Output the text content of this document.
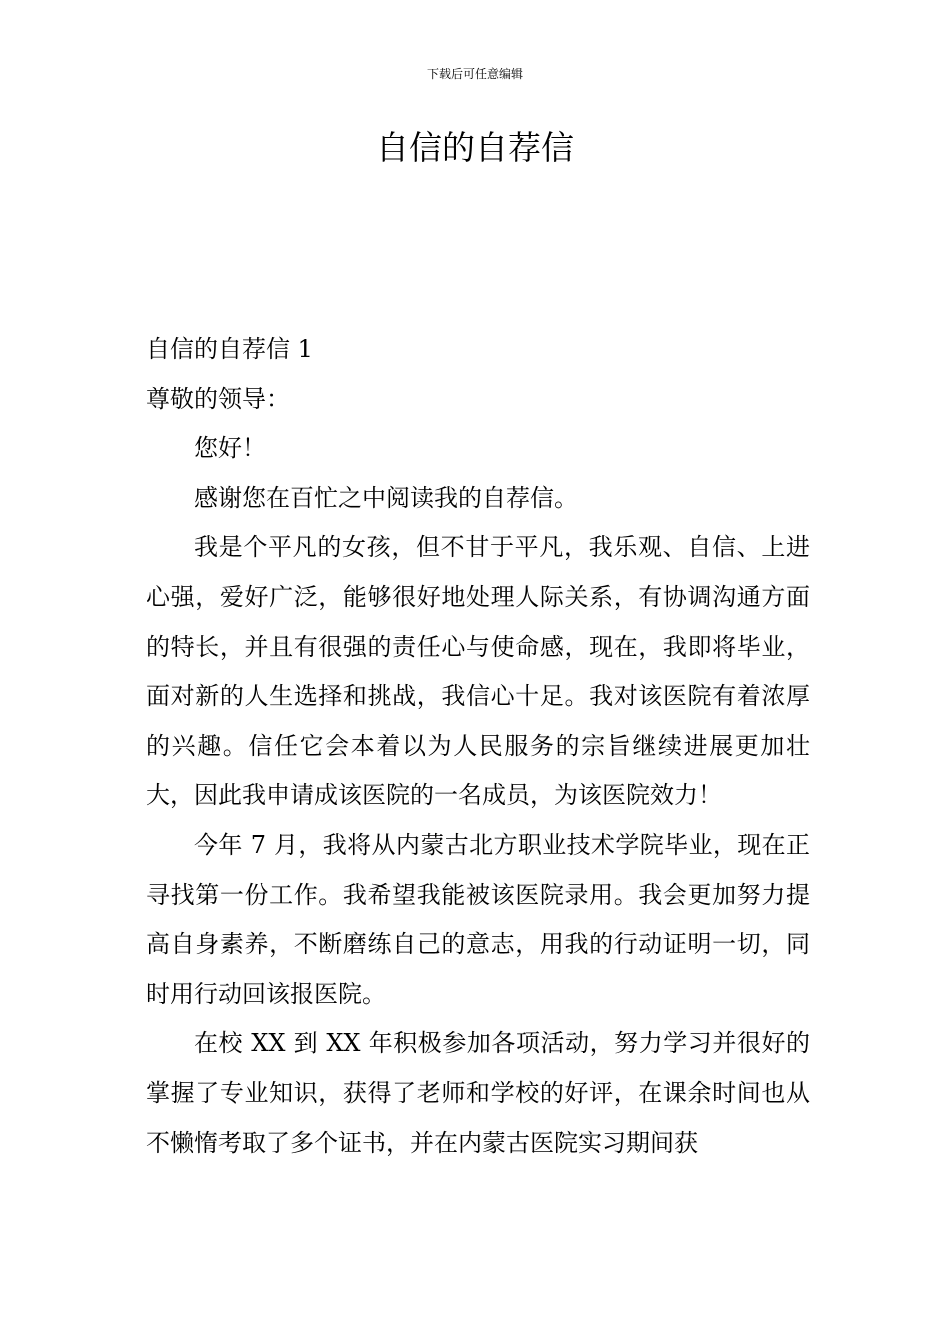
下载后可任意编辑
自信的自荐信

自信的自荐信 1

尊敬的领导：

您好！

感谢您在百忙之中阅读我的自荐信。

我是个平凡的女孩，但不甘于平凡，我乐观、自信、上进心强，爱好广泛，能够很好地处理人际关系，有协调沟通方面的特长，并且有很强的责任心与使命感，现在，我即将毕业，面对新的人生选择和挑战，我信心十足。我对该医院有着浓厚的兴趣。信任它会本着以为人民服务的宗旨继续进展更加壮大，因此我申请成该医院的一名成员，为该医院效力！

今年 7 月，我将从内蒙古北方职业技术学院毕业，现在正寻找第一份工作。我希望我能被该医院录用。我会更加努力提高自身素养，不断磨练自己的意志，用我的行动证明一切，同时用行动回该报医院。

在校 XX 到 XX 年积极参加各项活动，努力学习并很好的掌握了专业知识，获得了老师和学校的好评，在课余时间也从不懒惰考取了多个证书，并在内蒙古医院实习期间获
